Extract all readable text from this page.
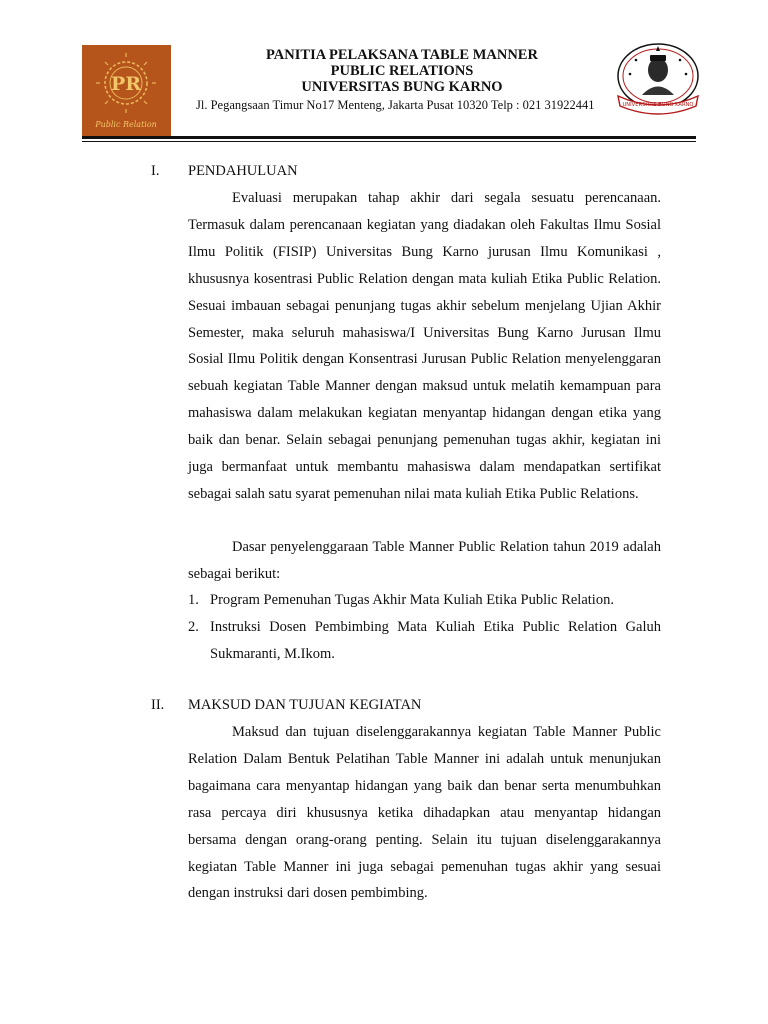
PR
Public Relation
UNIVERSITAS BUNG KARNO
PANITIA PELAKSANA TABLE MANNER
PUBLIC RELATIONS
UNIVERSITAS BUNG KARNO
Jl. Pegangsaan Timur No17 Menteng, Jakarta Pusat 10320 Telp : 021 31922441
I. PENDAHULUAN

Evaluasi merupakan tahap akhir dari segala sesuatu perencanaan. Termasuk dalam perencanaan kegiatan yang diadakan oleh Fakultas Ilmu Sosial Ilmu Politik (FISIP) Universitas Bung Karno jurusan Ilmu Komunikasi , khususnya kosentrasi Public Relation dengan mata kuliah Etika Public Relation. Sesuai imbauan sebagai penunjang tugas akhir sebelum menjelang Ujian Akhir Semester, maka seluruh mahasiswa/I Universitas Bung Karno Jurusan Ilmu Sosial Ilmu Politik dengan Konsentrasi Jurusan Public Relation menyelenggaran sebuah kegiatan Table Manner dengan maksud untuk melatih kemampuan para mahasiswa dalam melakukan kegiatan menyantap hidangan dengan etika yang baik dan benar. Selain sebagai penunjang pemenuhan tugas akhir, kegiatan ini juga bermanfaat untuk membantu mahasiswa dalam mendapatkan sertifikat sebagai salah satu syarat pemenuhan nilai mata kuliah Etika Public Relations.

Dasar penyelenggaraan Table Manner Public Relation tahun 2019 adalah sebagai berikut:

1. Program Pemenuhan Tugas Akhir Mata Kuliah Etika Public Relation.
2. Instruksi Dosen Pembimbing Mata Kuliah Etika Public Relation Galuh Sukmaranti, M.Ikom.
II. MAKSUD DAN TUJUAN KEGIATAN

Maksud dan tujuan diselenggarakannya kegiatan Table Manner Public Relation Dalam Bentuk Pelatihan Table Manner ini adalah untuk menunjukan bagaimana cara menyantap hidangan yang baik dan benar serta menumbuhkan rasa percaya diri khususnya ketika dihadapkan atau menyantap hidangan bersama dengan orang-orang penting. Selain itu tujuan diselenggarakannya kegiatan Table Manner ini juga sebagai pemenuhan tugas akhir yang sesuai dengan instruksi dari dosen pembimbing.
